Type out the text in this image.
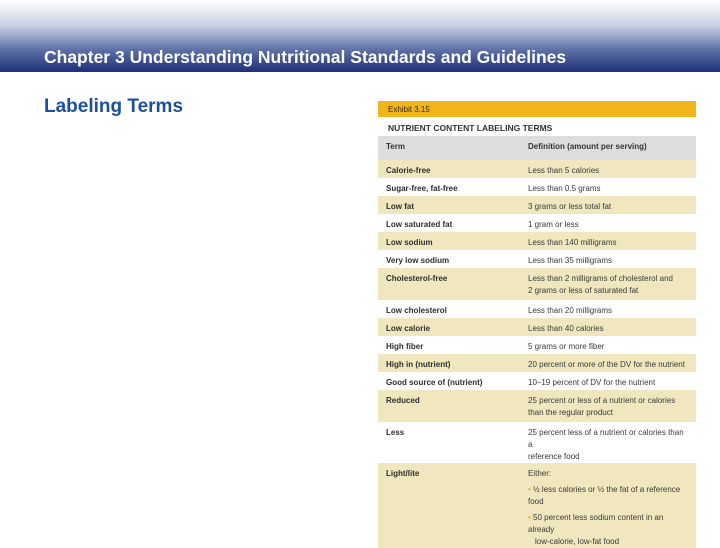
Chapter 3 Understanding Nutritional Standards and Guidelines
Labeling Terms	Exhibit 3.15
NUTRIENT CONTENT LABELING TERMS
Term	Definition (amount per serving)
Calorie-free	Less than 5 calories

Sugar-free, fat-free	Less than 0.5 grams

Low fat	3 grams or less total fat

Low saturated fat	1 gram or less

Low sodium	Less than 140 milligrams

Very low sodium	Less than 35 milligrams

Cholesterol-free	Less than 2 milligrams of cholesterol and
2 grams or less of saturated fat

Low cholesterol	Less than 20 milligrams

Low calorie	Less than 40 calories

High fiber	5 grams or more fiber

High in (nutrient)	20 percent or more of the DV for the nutrient

Good source of (nutrient)	10–19 percent of DV for the nutrient

Reduced	25 percent or less of a nutrient or calories
than the regular product

Less	25 percent less of a nutrient or calories than a
reference food

Light/lite	Either:
• ½ less calories or ½ the fat of a reference food
• 50 percent less sodium content in an already
low-calorie, low-fat food
